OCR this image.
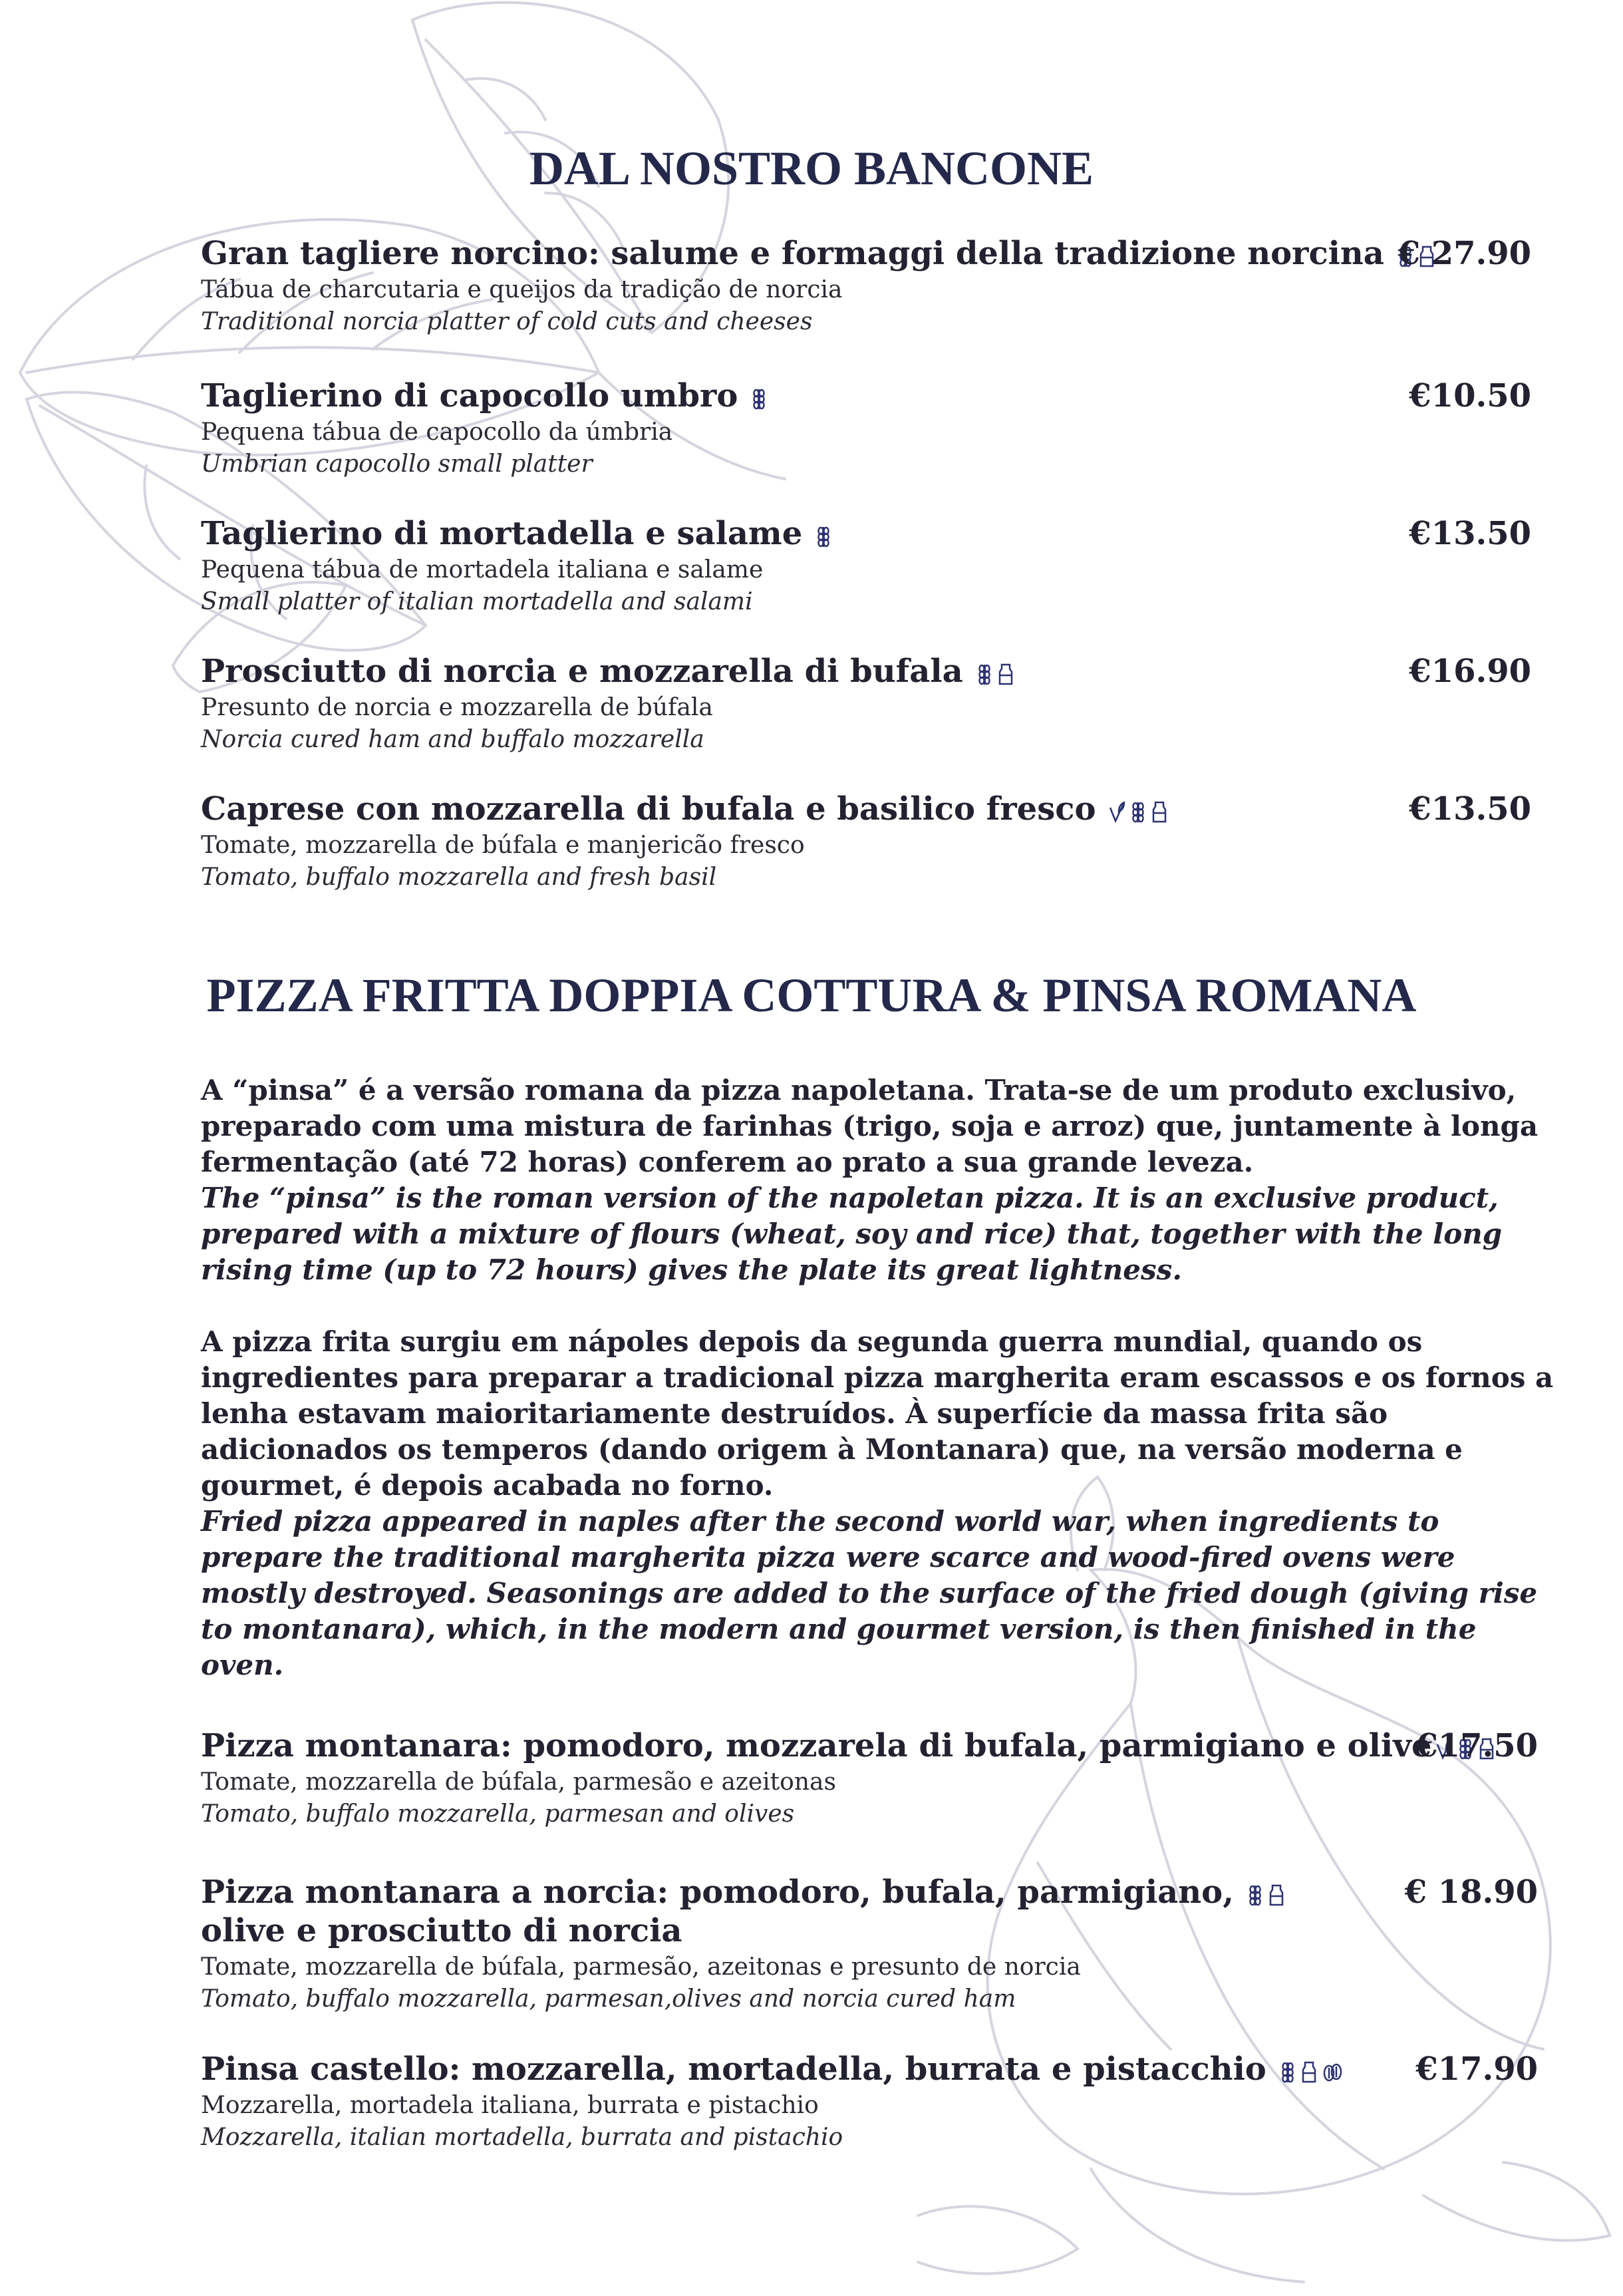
DAL NOSTRO BANCONE
Gran tagliere norcino: salume e formaggi della tradizione norcina € 27.90
Tábua de charcutaria e queijos da tradição de norcia
Traditional norcia platter of cold cuts and cheeses
Taglierino di capocollo umbro	€10.50
Pequena tábua de capocollo da úmbria
Umbrian capocollo small platter
Taglierino di mortadella e salame	€13.50
Pequena tábua de mortadela italiana e salame
Small platter of italian mortadella and salami
Prosciutto di norcia e mozzarella di bufala	€16.90
Presunto de norcia e mozzarella de búfala
Norcia cured ham and buffalo mozzarella
Caprese con mozzarella di bufala e basilico fresco	€13.50
Tomate, mozzarella de búfala e manjericão fresco
Tomato, buffalo mozzarella and fresh basil
PIZZA FRITTA DOPPIA COTTURA & PINSA ROMANA
A “pinsa” é a versão romana da pizza napoletana. Trata-se de um produto exclusivo, preparado com uma mistura de farinhas (trigo, soja e arroz) que, juntamente à longa fermentação (até 72 horas) conferem ao prato a sua grande leveza.
The “pinsa” is the roman version of the napoletan pizza. It is an exclusive product, prepared with a mixture of flours (wheat, soy and rice) that, together with the long rising time (up to 72 hours) gives the plate its great lightness.
A pizza frita surgiu em nápoles depois da segunda guerra mundial, quando os ingredientes para preparar a tradicional pizza margherita eram escassos e os fornos a lenha estavam maioritariamente destruídos. À superfície da massa frita são adicionados os temperos (dando origem à Montanara) que, na versão moderna e gourmet, é depois acabada no forno.
Fried pizza appeared in naples after the second world war, when ingredients to prepare the traditional margherita pizza were scarce and wood-fired ovens were mostly destroyed. Seasonings are added to the surface of the fried dough (giving rise to montanara), which, in the modern and gourmet version, is then finished in the oven.
Pizza montanara: pomodoro, mozzarela di bufala, parmigiano e olive
€17.50
Tomate, mozzarella de búfala, parmesão e azeitonas
Tomato, buffalo mozzarella, parmesan and olives
Pizza montanara a norcia: pomodoro, bufala, parmigiano,
olive e prosciutto di norcia
€ 18.90
Tomate, mozzarella de búfala, parmesão, azeitonas e presunto de norcia
Tomato, buffalo mozzarella, parmesan,olives and norcia cured ham
Pinsa castello: mozzarella, mortadella, burrata e pistacchio	€17.90
Mozzarella, mortadela italiana, burrata e pistachio
Mozzarella, italian mortadella, burrata and pistachio
